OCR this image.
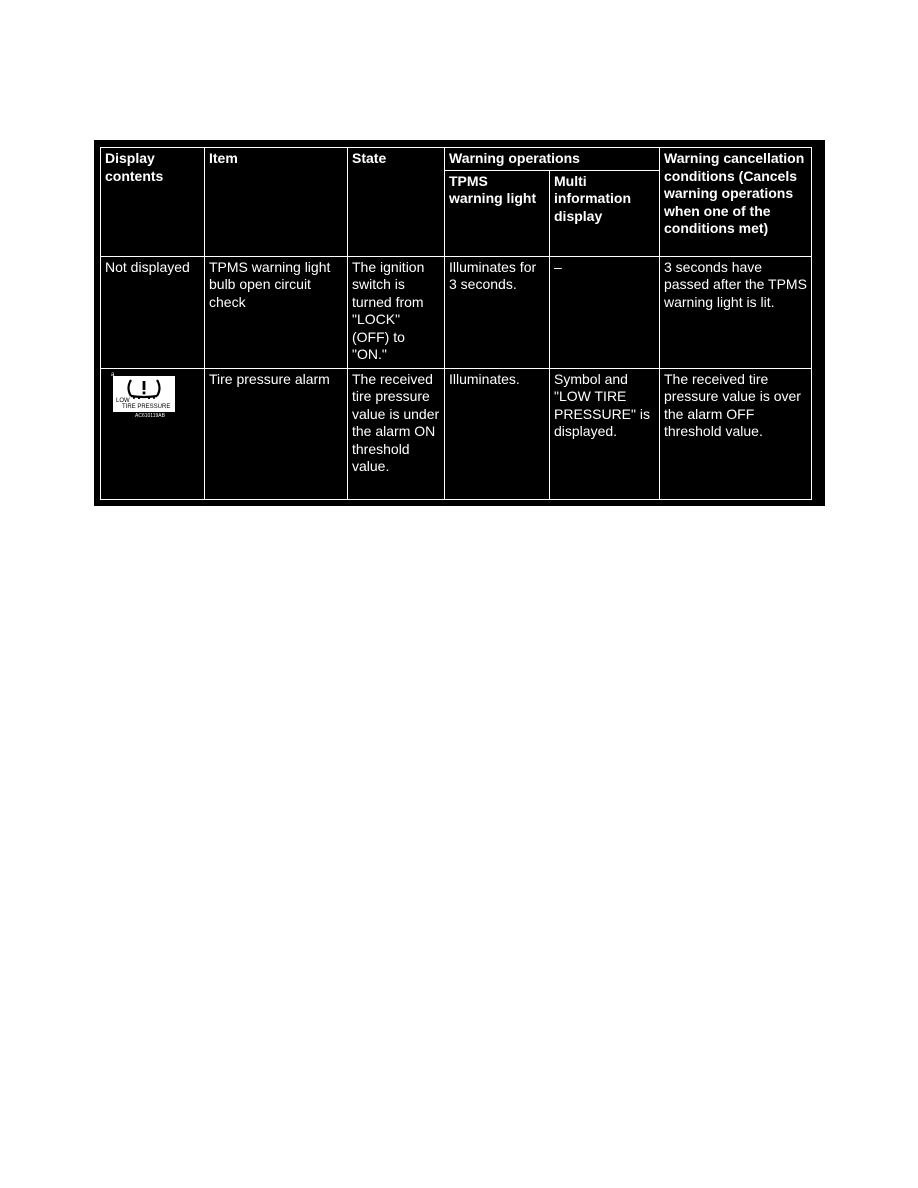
Display contents	Item	State	Warning operations		Warning cancellation conditions (Cancels warning operations when one of the conditions met)
			TPMS warning light	Multi information display	
Not displayed	TPMS warning light bulb open circuit check	The ignition switch is turned from "LOCK" (OFF) to "ON."	Illuminates for 3 seconds.	–	3 seconds have passed after the TPMS warning light is lit.

a
LOW
TIRE PRESSURE
AC610119AB	Tire pressure alarm	The received tire pressure value is under the alarm ON threshold value.	Illuminates.	Symbol and "LOW TIRE PRESSURE" is displayed.	The received tire pressure value is over the alarm OFF threshold value.
